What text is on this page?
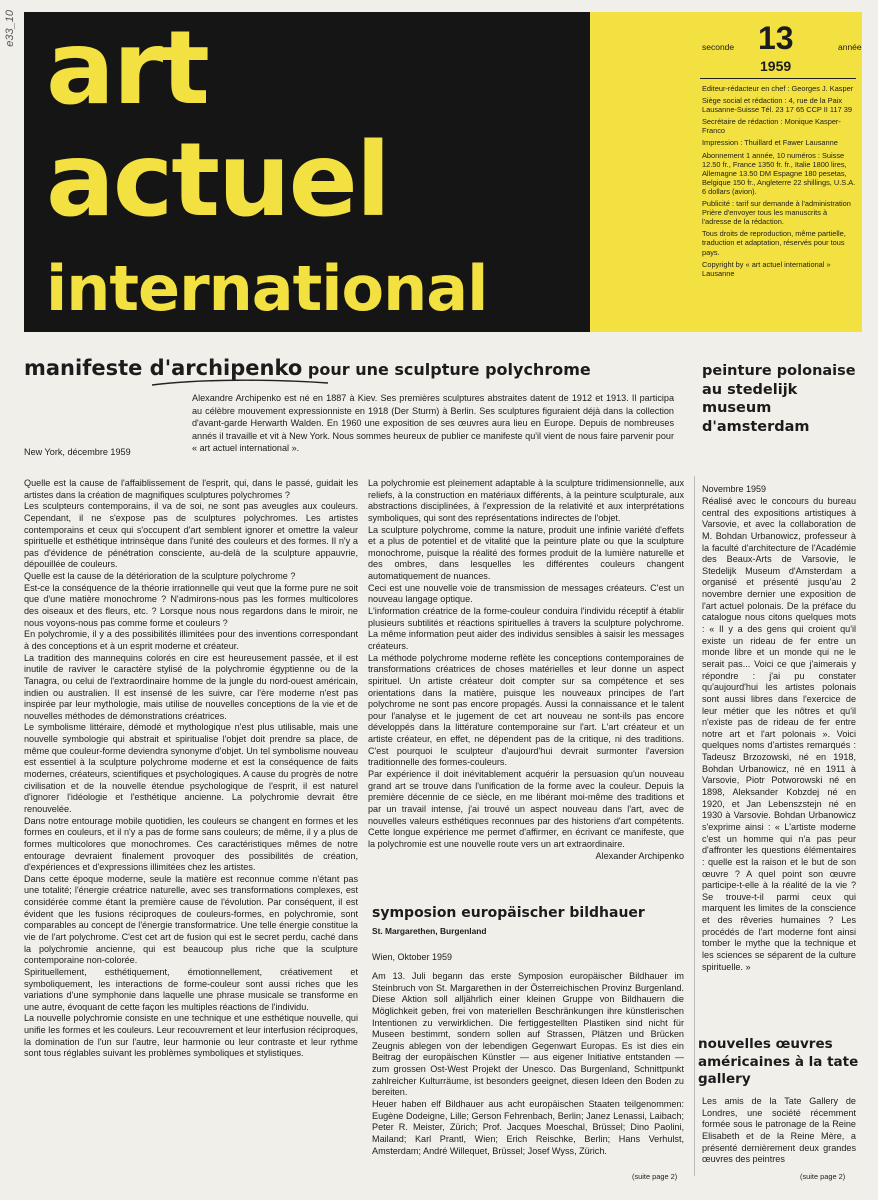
e33_10 art
actuel
international
seconde 13	année
1959

Editeur-rédacteur en chef : Georges J. Kasper

Siège social et rédaction : 4, rue de la Paix Lausanne-Suisse Tél. 23 17 65 CCP II 117 39

Secrétaire de rédaction : Monique Kasper-Franco

Impression : Thuillard et Fawer Lausanne

Abonnement 1 année, 10 numéros : Suisse 12.50 fr., France 1350 fr. fr., Italie 1800 lires, Allemagne 13.50 DM Espagne 180 pesetas, Belgique 150 fr., Angleterre 22 shillings, U.S.A. 6 dollars (avion).

Publicité : tarif sur demande à l'administration Prière d'envoyer tous les manuscrits à l'adresse de la rédaction.

Tous droits de reproduction, même partielle, traduction et adaptation, réservés pour tous pays.

Copyright by « art actuel international » Lausanne

manifeste d'archipenko pour une sculpture polychrome
Alexandre Archipenko est né en 1887 à Kiev. Ses premières sculptures abstraites datent de 1912 et 1913. Il participa au célèbre mouvement expressionniste en 1918 (Der Sturm) à Berlin. Ses sculptures figuraient déjà dans la collection d'avant-garde Herwarth Walden. En 1960 une exposition de ses œuvres aura lieu en Europe. Depuis de nombreuses annés il travaille et vit à New York. Nous sommes heureux de publier ce manifeste qu'il vient de nous faire parvenir pour « art actuel international ».
New York, décembre 1959

Quelle est la cause de l'affaiblissement de l'esprit, qui, dans le passé, guidait les artistes dans la création de magnifiques sculptures polychromes ?

Les sculpteurs contemporains, il va de soi, ne sont pas aveugles aux couleurs. Cependant, il ne s'expose pas de sculptures polychromes. Les artistes contemporains et ceux qui s'occupent d'art semblent ignorer et omettre la valeur spirituelle et esthétique intrinsèque dans l'unité des couleurs et des formes. Il n'y a pas d'évidence de pénétration consciente, au-delà de la sculpture appauvrie, dépouillée de couleurs.

Quelle est la cause de la détérioration de la sculpture polychrome ?

Est-ce la conséquence de la théorie irrationnelle qui veut que la forme pure ne soit que d'une matière monochrome ? N'admirons-nous pas les formes multicolores des oiseaux et des fleurs, etc. ? Lorsque nous nous regardons dans le miroir, ne nous voyons-nous pas comme forme et couleurs ?

En polychromie, il y a des possibilités illimitées pour des inventions correspondant à des conceptions et à un esprit moderne et créateur.

La tradition des mannequins colorés en cire est heureusement passée, et il est inutile de raviver le caractère stylisé de la polychromie égyptienne ou de la Tanagra, ou celui de l'extraordinaire homme de la jungle du nord-ouest américain, indien ou australien. Il est insensé de les suivre, car l'ère moderne n'est pas inspirée par leur mythologie, mais utilise de nouvelles conceptions de la vie et de nouvelles méthodes de démonstrations créatrices.

Le symbolisme littéraire, démodé et mythologique n'est plus utilisable, mais une nouvelle symbologie qui abstrait et spiritualise l'objet doit prendre sa place, de même que couleur-forme deviendra synonyme d'objet. Un tel symbolisme nouveau est essentiel à la sculpture polychrome moderne et est la conséquence de faits modernes, créateurs, scientifiques et psychologiques. A cause du progrès de notre civilisation et de la nouvelle étendue psychologique de l'esprit, il est naturel d'ignorer l'idéologie et l'esthétique ancienne. La polychromie devrait être renouvelée.

Dans notre entourage mobile quotidien, les couleurs se changent en formes et les formes en couleurs, et il n'y a pas de forme sans couleurs; de même, il y a plus de formes multicolores que monochromes. Ces caractéristiques mêmes de notre entourage devraient finalement provoquer des possibilités de création, d'expériences et d'expressions illimitées chez les artistes.

Dans cette époque moderne, seule la matière est reconnue comme n'étant pas une totalité; l'énergie créatrice naturelle, avec ses transformations complexes, est considérée comme étant la première cause de l'évolution. Par conséquent, il est évident que les fusions réciproques de couleurs-formes, en polychromie, sont comparables au concept de l'énergie transformatrice. Une telle énergie constitue la vie de l'art polychrome. C'est cet art de fusion qui est le secret perdu, caché dans la polychromie ancienne, qui est beaucoup plus riche que la sculpture contemporaine non-colorée.

Spirituellement, esthétiquement, émotionnellement, créativement et symboliquement, les interactions de forme-couleur sont aussi riches que les variations d'une symphonie dans laquelle une phrase musicale se transforme en une autre, évoquant de cette façon les multiples réactions de l'individu.

La nouvelle polychromie consiste en une technique et une esthétique nouvelle, qui unifie les formes et les couleurs. Leur recouvrement et leur interfusion réciproques, la domination de l'un sur l'autre, leur harmonie ou leur contraste et leur rythme sont tous réglables suivant les problèmes symboliques et stylistiques.

La polychromie est pleinement adaptable à la sculpture tridimensionnelle, aux reliefs, à la construction en matériaux différents, à la peinture sculpturale, aux abstractions disciplinées, à l'expression de la relativité et aux interprétations symboliques, qui sont des représentations indirectes de l'objet.

La sculpture polychrome, comme la nature, produit une infinie variété d'effets et a plus de potentiel et de vitalité que la peinture plate ou que la sculpture monochrome, puisque la réalité des formes produit de la lumière naturelle et des ombres, dans lesquelles les différentes couleurs changent automatiquement de nuances.

Ceci est une nouvelle voie de transmission de messages créateurs. C'est un nouveau langage optique.

L'information créatrice de la forme-couleur conduira l'individu réceptif à établir plusieurs subtilités et réactions spirituelles à travers la sculpture polychrome. La même information peut aider des individus sensibles à saisir les messages créateurs.

La méthode polychrome moderne reflète les conceptions contemporaines de transformations créatrices de choses matérielles et leur donne un aspect spirituel. Un artiste créateur doit compter sur sa compétence et ses orientations dans la matière, puisque les nouveaux principes de l'art polychrome ne sont pas encore propagés. Aussi la connaissance et le talent pour l'analyse et le jugement de cet art nouveau ne sont-ils pas encore développés dans la littérature contemporaine sur l'art. L'art créateur et un artiste créateur, en effet, ne dépendent pas de la critique, ni des traditions. C'est pourquoi le sculpteur d'aujourd'hui devrait surmonter l'aversion traditionnelle des formes-couleurs.

Par expérience il doit inévitablement acquérir la persuasion qu'un nouveau grand art se trouve dans l'unification de la forme avec la couleur. Depuis la première décennie de ce siècle, en me libérant moi-même des traditions et par un travail intense, j'ai trouvé un aspect nouveau dans l'art, avec de nouvelles valeurs esthétiques reconnues par des historiens d'art compétents. Cette longue expérience me permet d'affirmer, en écrivant ce manifeste, que la polychromie est une nouvelle route vers un art extraordinaire.

Alexander Archipenko

symposion europäischer bildhauer
St. Margarethen, Burgenland
Wien, Oktober 1959

Am 13. Juli begann das erste Symposion europäischer Bildhauer im Steinbruch von St. Margarethen in der Österreichischen Provinz Burgenland. Diese Aktion soll alljährlich einer kleinen Gruppe von Bildhauern die Möglichkeit geben, frei von materiellen Beschränkungen ihre künstlerischen Intentionen zu verwirklichen. Die fertiggestellten Plastiken sind nicht für Museen bestimmt, sondern sollen auf Strassen, Plätzen und Brücken Zeugnis ablegen von der lebendigen Gegenwart Europas. Es ist dies ein Beitrag der europäischen Künstler — aus eigener Initiative entstanden — zum grossen Ost-West Projekt der Unesco. Das Burgenland, Schnittpunkt zahlreicher Kulturräume, ist besonders geeignet, diesen Ideen den Boden zu bereiten.

Heuer haben elf Bildhauer aus acht europäischen Staaten teilgenommen: Eugène Dodeigne, Lille; Gerson Fehrenbach, Berlin; Janez Lenassi, Laibach; Peter R. Meister, Zürich; Prof. Jacques Moeschal, Brüssel; Dino Paolini, Mailand; Karl Prantl, Wien; Erich Reischke, Berlin; Hans Verhulst, Amsterdam; André Willequet, Brüssel; Josef Wyss, Zürich.

(suite page 2)
peinture polonaise au stedelijk museum d'amsterdam
Novembre 1959
Réalisé avec le concours du bureau central des expositions artistiques à Varsovie, et avec la collaboration de M. Bohdan Urbanowicz, professeur à la faculté d'architecture de l'Académie des Beaux-Arts de Varsovie, le Stedelijk Museum d'Amsterdam a organisé et présenté jusqu'au 2 novembre dernier une exposition de l'art actuel polonais. De la préface du catalogue nous citons quelques mots : « Il y a des gens qui croient qu'il existe un rideau de fer entre un monde libre et un monde qui ne le serait pas... Voici ce que j'aimerais y répondre : j'ai pu constater qu'aujourd'hui les artistes polonais sont aussi libres dans l'exercice de leur métier que les nôtres et qu'il n'existe pas de rideau de fer entre notre art et l'art polonais ». Voici quelques noms d'artistes remarqués : Tadeusz Brzozowski, né en 1918, Bohdan Urbanowicz, né en 1911 à Varsovie, Piotr Potworowski né en 1898, Aleksander Kobzdej né en 1920, et Jan Lebenszstejn né en 1930 à Varsovie. Bohdan Urbanowicz s'exprime ainsi : « L'artiste moderne c'est un homme qui n'a pas peur d'affronter les questions élémentaires : quelle est la raison et le but de son œuvre ? A quel point son œuvre participe-t-elle à la réalité de la vie ? Se trouve-t-il parmi ceux qui marquent les limites de la conscience et des rêveries humaines ? Les procédés de l'art moderne font ainsi tomber le mythe que la technique et les sciences se séparent de la culture spirituelle. »
nouvelles œuvres américaines à la tate gallery
Les amis de la Tate Gallery de Londres, une société récemment formée sous le patronage de la Reine Elisabeth et de la Reine Mère, a présenté dernièrement deux grandes œuvres des peintres
(suite page 2)
